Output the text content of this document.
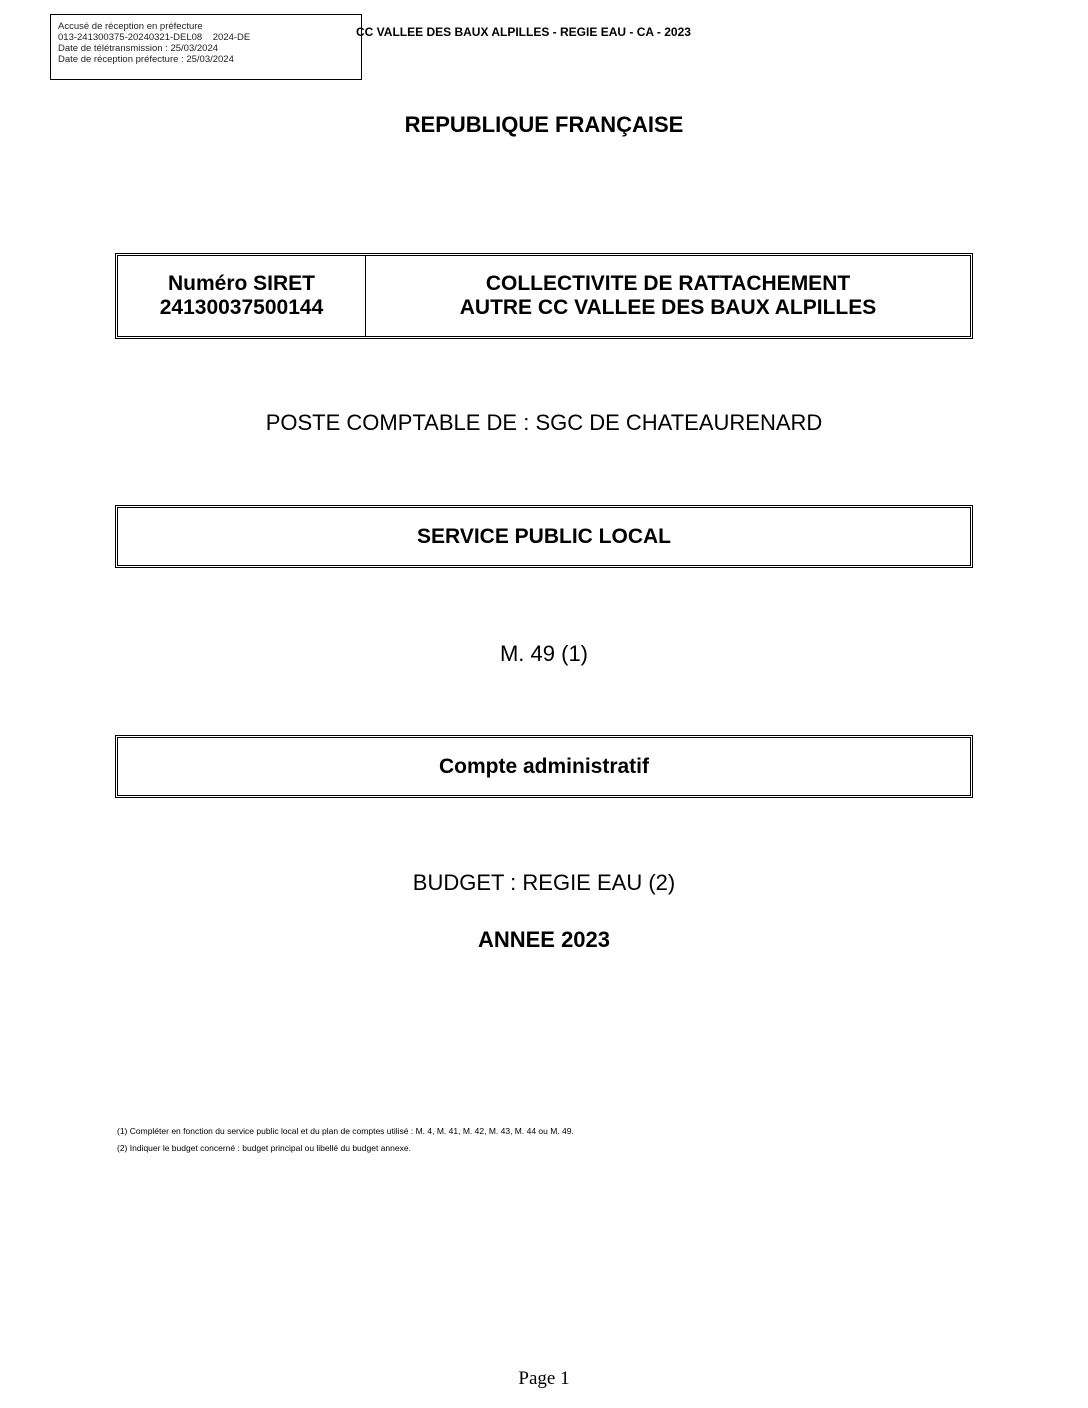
Accusé de réception en préfecture
013-241300375-20240321-DEL08    2024-DE
Date de télétransmission : 25/03/2024
Date de réception préfecture : 25/03/2024
CC VALLEE DES BAUX ALPILLES - REGIE EAU - CA - 2023
REPUBLIQUE FRANÇAISE
Numéro SIRET
24130037500144
COLLECTIVITE DE RATTACHEMENT
AUTRE CC VALLEE DES BAUX ALPILLES
POSTE COMPTABLE DE : SGC DE CHATEAURENARD
SERVICE PUBLIC LOCAL
M. 49 (1)
Compte administratif
BUDGET : REGIE EAU (2)
ANNEE 2023
(1) Compléter en fonction du service public local et du plan de comptes utilisé : M. 4, M. 41, M. 42, M. 43, M. 44 ou M. 49.
(2) Indiquer le budget concerné : budget principal ou libellé du budget annexe.
Page 1
